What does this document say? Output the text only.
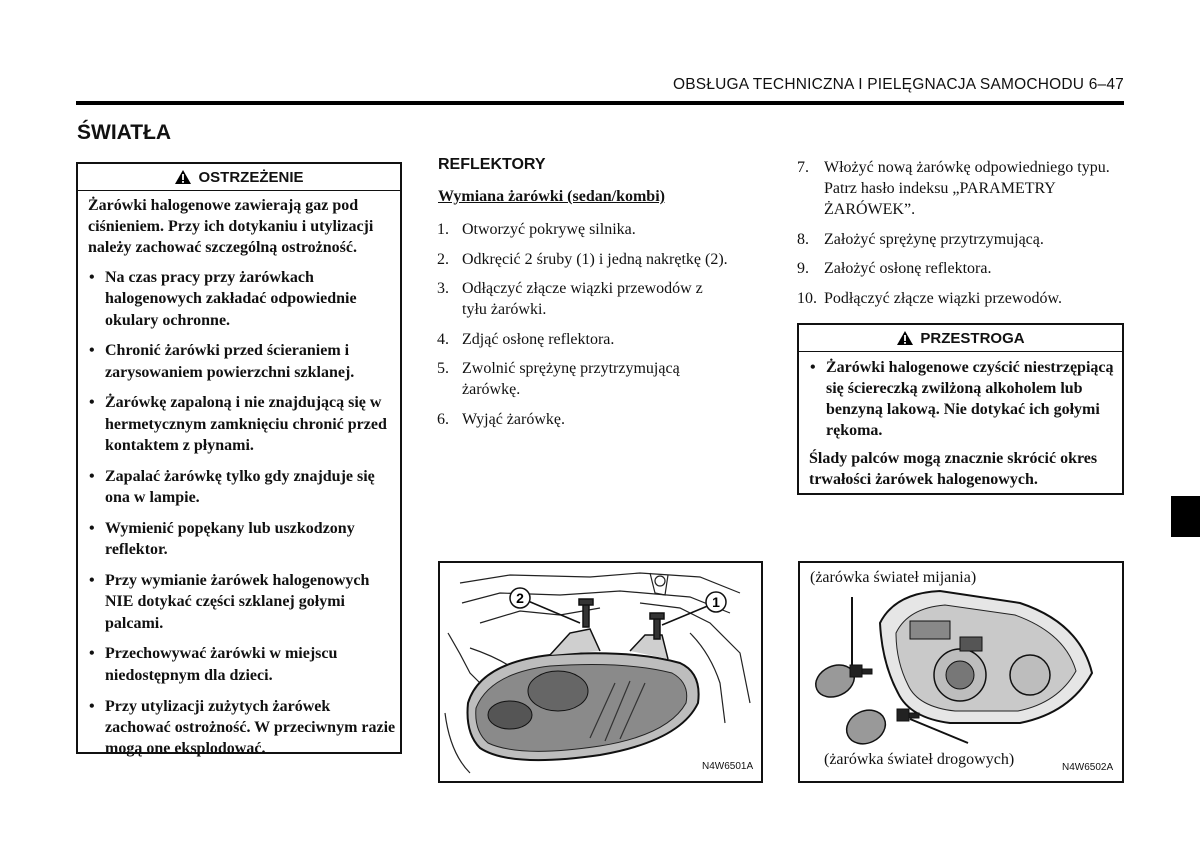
OBSŁUGA TECHNICZNA I PIELĘGNACJA SAMOCHODU 6–47
ŚWIATŁA
OSTRZEŻENIE
Żarówki halogenowe zawierają gaz pod ciśnieniem. Przy ich dotykaniu i utylizacji należy zachować szczególną ostrożność.
• Na czas pracy przy żarówkach halogenowych zakładać odpowiednie okulary ochronne.
• Chronić żarówki przed ścieraniem i zarysowaniem powierzchni szklanej.
• Żarówkę zapaloną i nie znajdującą się w hermetycznym zamknięciu chronić przed kontaktem z płynami.
• Zapalać żarówkę tylko gdy znajduje się ona w lampie.
• Wymienić popękany lub uszkodzony reflektor.
• Przy wymianie żarówek halogenowych NIE dotykać części szklanej gołymi palcami.
• Przechowywać żarówki w miejscu niedostępnym dla dzieci.
• Przy utylizacji zużytych żarówek zachować ostrożność. W przeciwnym razie mogą one eksplodować.
REFLEKTORY
Wymiana żarówki (sedan/kombi)
1. Otworzyć pokrywę silnika.
2. Odkręcić 2 śruby (1) i jedną nakrętkę (2).
3. Odłączyć złącze wiązki przewodów z tyłu żarówki.
4. Zdjąć osłonę reflektora.
5. Zwolnić sprężynę przytrzymującą żarówkę.
6. Wyjąć żarówkę.
7. Włożyć nową żarówkę odpowiedniego typu. Patrz hasło indeksu „PARAMETRY ŻARÓWEK”.
8. Założyć sprężynę przytrzymującą.
9. Założyć osłonę reflektora.
10. Podłączyć złącze wiązki przewodów.
PRZESTROGA
• Żarówki halogenowe czyścić niestrzępiącą się ściereczką zwilżoną alkoholem lub benzyną lakową. Nie dotykać ich gołymi rękoma.
Ślady palców mogą znacznie skrócić okres trwałości żarówek halogenowych.
2	1
N4W6501A
(żarówka świateł mijania)
(żarówka świateł drogowych)	N4W6502A
